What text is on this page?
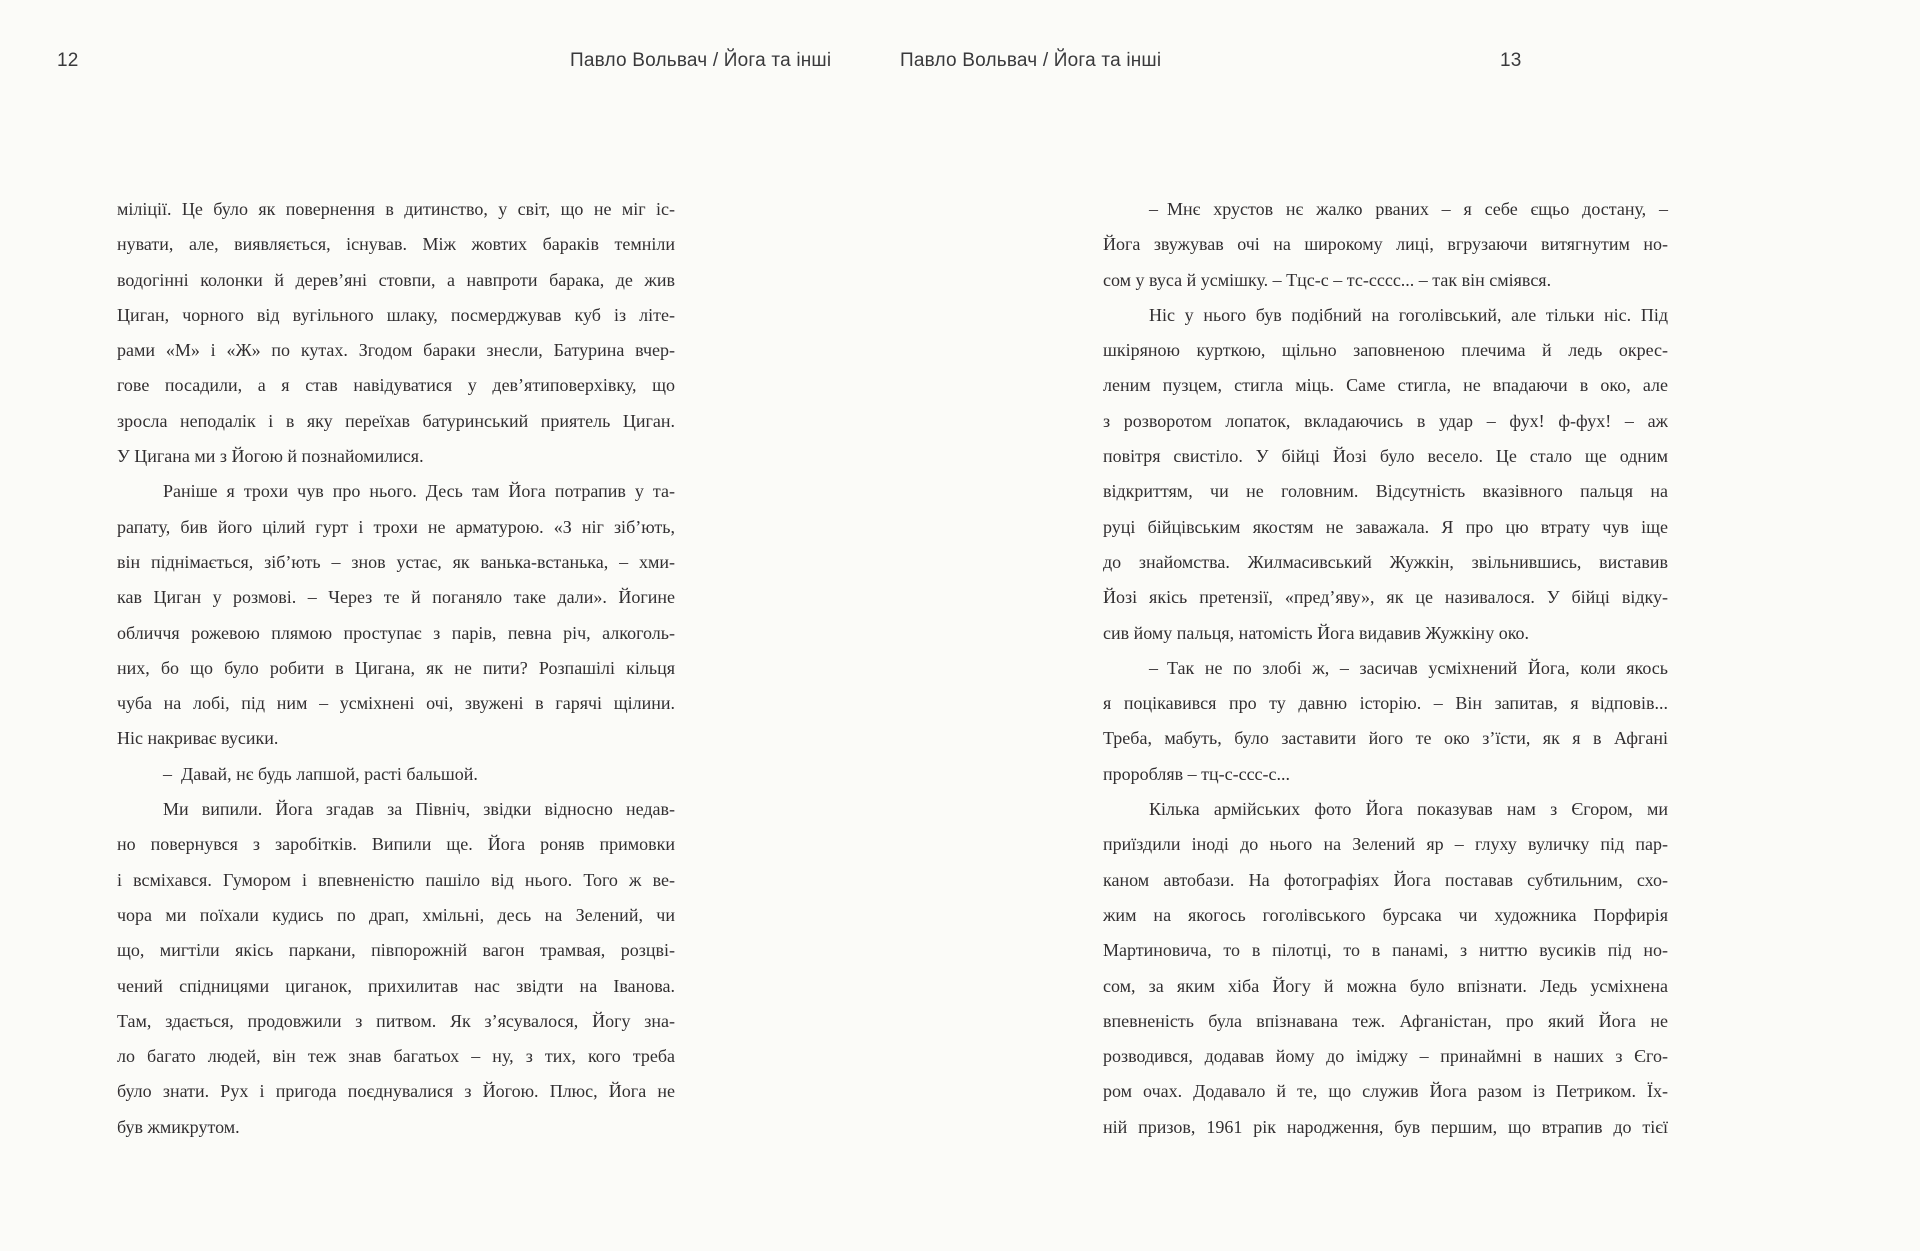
12	Павло Вольвач / Йога та інші	Павло Вольвач / Йога та інші	13
міліції. Це було як повернення в дитинство, у світ, що не міг іс-
нувати, але, виявляється, існував. Між жовтих бараків темніли
водогінні колонки й дерев’яні стовпи, а навпроти барака, де жив
Циган, чорного від вугільного шлаку, посмерджував куб із літе-
рами «М» і «Ж» по кутах. Згодом бараки знесли, Батурина вчер-
гове посадили, а я став навідуватися у дев’ятиповерхівку, що
зросла неподалік і в яку переїхав батуринський приятель Циган.
У Цигана ми з Йогою й познайомилися.
Раніше я трохи чув про нього. Десь там Йога потрапив у та-
рапату, бив його цілий гурт і трохи не арматурою. «З ніг зіб’ють,
він піднімається, зіб’ють – знов устає, як ванька-встанька, – хми-
кав Циган у розмові. – Через те й поганяло таке дали». Йогине
обличчя рожевою плямою проступає з парів, певна річ, алкоголь-
них, бо що було робити в Цигана, як не пити? Розпашілі кільця
чуба на лобі, під ним – усміхнені очі, звужені в гарячі щілини.
Ніс накриває вусики.
– Давай, нє будь лапшой, расті бальшой.
Ми випили. Йога згадав за Північ, звідки відносно недав-
но повернувся з заробітків. Випили ще. Йога роняв примовки
і всміхався. Гумором і впевненістю пашіло від нього. Того ж ве-
чора ми поїхали кудись по драп, хмільні, десь на Зелений, чи
що, мигтіли якісь паркани, півпорожній вагон трамвая, розцві-
чений спідницями циганок, прихилитав нас звідти на Іванова.
Там, здається, продовжили з питвом. Як з’ясувалося, Йогу зна-
ло багато людей, він теж знав багатьох – ну, з тих, кого треба
було знати. Рух і пригода поєднувалися з Йогою. Плюс, Йога не
був жмикрутом.
– Мнє хрустов нє жалко рваних – я себе єщьо достану, –
Йога звужував очі на широкому лиці, вгрузаючи витягнутим но-
сом у вуса й усмішку. – Тцс-с – тс-сссс... – так він сміявся.
Ніс у нього був подібний на гоголівський, але тільки ніс. Під
шкіряною курткою, щільно заповненою плечима й ледь окрес-
леним пузцем, стигла міць. Саме стигла, не впадаючи в око, але
з розворотом лопаток, вкладаючись в удар – фух! ф-фух! – аж
повітря свистіло. У бійці Йозі було весело. Це стало ще одним
відкриттям, чи не головним. Відсутність вказівного пальця на
руці бійцівським якостям не заважала. Я про цю втрату чув іще
до знайомства. Жилмасивський Жужкін, звільнившись, виставив
Йозі якісь претензії, «пред’яву», як це називалося. У бійці відку-
сив йому пальця, натомість Йога видавив Жужкіну око.
– Так не по злобі ж, – засичав усміхнений Йога, коли якось
я поцікавився про ту давню історію. – Він запитав, я відповів...
Треба, мабуть, було заставити його те око з’їсти, як я в Афгані
проробляв – тц-с-ссс-с...
Кілька армійських фото Йога показував нам з Єгором, ми
приїздили іноді до нього на Зелений яр – глуху вуличку під пар-
каном автобази. На фотографіях Йога поставав субтильним, схо-
жим на якогось гоголівського бурсака чи художника Порфирія
Мартиновича, то в пілотці, то в панамі, з ниттю вусиків під но-
сом, за яким хіба Йогу й можна було впізнати. Ледь усміхнена
впевненість була впізнавана теж. Афганістан, про який Йога не
розводився, додавав йому до іміджу – принаймні в наших з Єго-
ром очах. Додавало й те, що служив Йога разом із Петриком. Їх-
ній призов, 1961 рік народження, був першим, що втрапив до тієї
